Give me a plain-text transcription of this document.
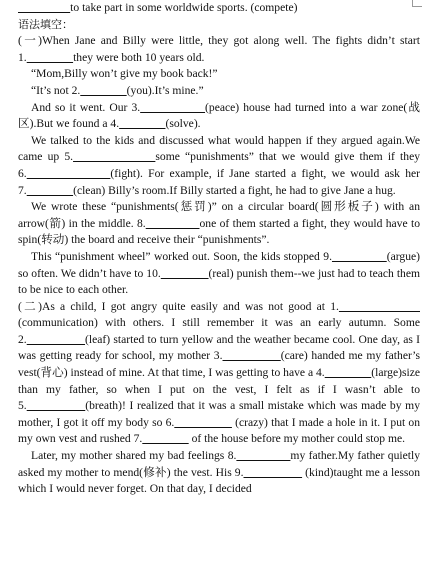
to take part in some worldwide sports. (compete)

语法填空：

(一)When Jane and Billy were little, they got along well. The fights didn’t start 1.	they were both 10 years old.

“Mom,Billy won’t give my book back!”

“It’s not 2.	(you).It’s mine.”

And so it went. Our 3.	(peace) house had turned into a war zone(战区).But we found a 4.	(solve).

We talked to the kids and discussed what would happen if they argued again.We came up 5.	some “punishments” that we would give them if they 6.	(fight). For example, if Jane started a fight, we would ask her 7.	(clean) Billy’s room.If Billy started a fight, he had to give Jane a hug.

We wrote these “punishments(惩罚)” on a circular board(圆形板子) with an arrow(箭) in the middle. 8.	one of them started a fight, they would have to spin(转动) the board and receive their “punishments”.

This “punishment wheel” worked out. Soon, the kids stopped 9.	(argue) so often. We didn’t have to 10.	(real) punish them--we just had to teach them to be nice to each other.

(二)As a child, I got angry quite easily and was not good at 1.                 (communication) with others. I still remember it was an early autumn. Some 2.	(leaf) started to turn yellow and the weather became cool. One day, as I was getting ready for school, my mother 3.	(care) handed me my father’s vest(背心) instead of mine. At that time, I was getting to have a 4.	(large)size than my father, so when I put on the vest, I felt as if I wasn’t able to 5.	(breath)! I realized that it was a small mistake which was made by my mother, I got it off my body so 6.	(crazy) that I made a hole in it. I put on my own vest and rushed 7.	of the house before my mother could stop me.

Later, my mother shared my bad feelings 8.	my father.My father quietly asked my mother to mend(修补) the vest. His 9.	(kind)taught me a lesson which I would never forget. On that day, I decided
